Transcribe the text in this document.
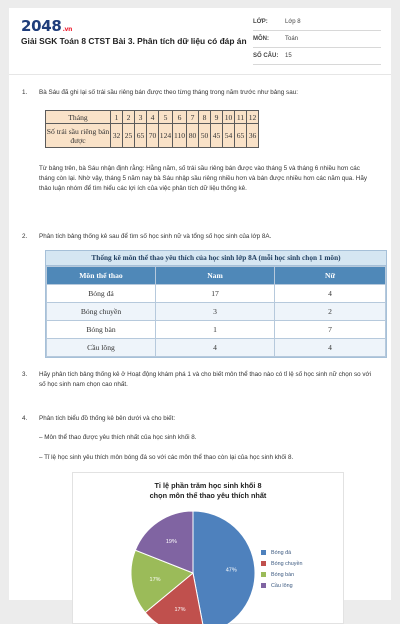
2048.vn
Giải SGK Toán 8 CTST Bài 3. Phân tích dữ liệu có đáp án
LỚP:	Lớp 8
MÔN:	Toán
SỐ CÂU:	15
1. Bà Sáu đã ghi lại số trái sầu riêng bán được theo từng tháng trong năm trước như bảng sau:
Tháng	1	2	3	4	5	6	7	8	9	10	11	12
Số trái sầu riêng bán được	32	25	65	70	124	110	80	50	45	54	65	36
Từ bảng trên, bà Sáu nhận định rằng: Hằng năm, số trái sầu riêng bán được vào tháng 5 và tháng 6 nhiều hơn các tháng còn lại. Nhờ vậy, tháng 5 năm nay bà Sáu nhập sầu riêng nhiều hơn và bán được nhiều hơn các năm qua. Hãy thảo luận nhóm để tìm hiểu các lợi ích của việc phân tích dữ liệu thống kê.
2. Phân tích bảng thống kê sau để tìm số học sinh nữ và tổng số học sinh của lớp 8A.
Thống kê môn thể thao yêu thích của học sinh lớp 8A (mỗi học sinh chọn 1 môn)
Môn thể thao	Nam	Nữ
Bóng đá	17	4
Bóng chuyền	3	2
Bóng bàn	1	7
Cầu lông	4	4
3. Hãy phân tích bảng thống kê ở Hoạt động khám phá 1 và cho biết môn thể thao nào có tỉ lệ số học sinh nữ chọn so với số học sinh nam chọn cao nhất.
4. Phân tích biểu đồ thống kê bên dưới và cho biết:
– Môn thể thao được yêu thích nhất của học sinh khối 8.
– Tỉ lệ học sinh yêu thích môn bóng đá so với các môn thể thao còn lại của học sinh khối 8.
Tỉ lệ phần trăm học sinh khối 8
chọn môn thể thao yêu thích nhất
47%
17%
17%
19%
Bóng đá
Bóng chuyền
Bóng bàn
Cầu lông
